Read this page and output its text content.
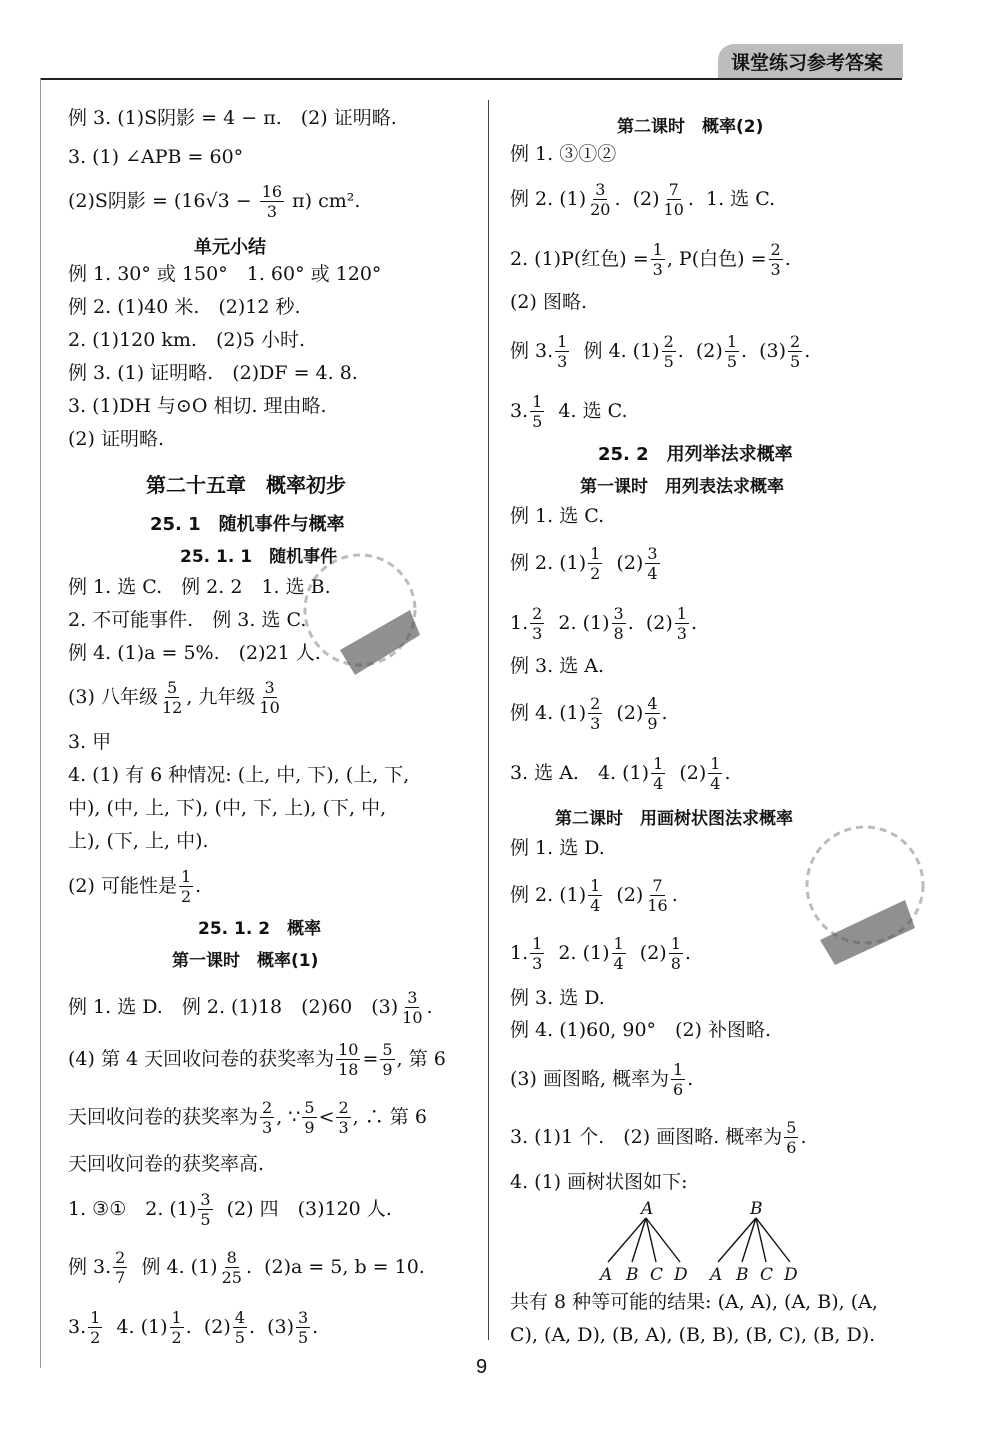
课堂练习参考答案
例 3. (1)S阴影 = 4 − π.　(2) 证明略.
3. (1) ∠APB = 60°
(2)S阴影 = $(16√3 - \frac{16}{3} \pi)$ cm².
单元小结
例 1. 30° 或 150°　1. 60° 或 120°
例 2. (1)40 米.　(2)12 秒.
2. (1)120 km.　(2)5 小时.
例 3. (1) 证明略.　(2)DF = 4. 8.
3. (1)DH 与⊙O 相切. 理由略.
(2) 证明略.
第二十五章　概率初步
25. 1　随机事件与概率
25. 1. 1　随机事件
例 1. 选 C.　例 2. 2　1. 选 B.
2. 不可能事件.　例 3. 选 C.
例 4. (1)a = 5%.　(2)21 人.
(3) 八年级 $\frac{5}{12}$ , 九年级 $\frac{3}{10}$
3. 甲
4. (1) 有 6 种情况: (上, 中, 下), (上, 下,
中), (中, 上, 下), (中, 下, 上), (下, 中,
上), (下, 上, 中).
(2) 可能性是 $\frac{1}{2}$ .
25. 1. 2　概率
第一课时　概率(1)
例 1. 选 D.　例 2. (1)18　(2)60　$(3) \frac{3}{10}$ .
(4) 第 4 天回收问卷的获奖率为 $\frac{10}{18} = \frac{5}{9}$ , 第 6
天回收问卷的获奖率为 $\frac{2}{3}$ , ∵ $\frac{5}{9} < \frac{2}{3}$ , ∴ 第 6
天回收问卷的获奖率高.
1. ③①　2. $(1) \frac{3}{5} (2)$ 四　(3)120 人.
例 3. $\frac{2}{7}$ 例 4. $(1) \frac{8}{25}$ .  (2)a = 5, b = 10.
3. $\frac{1}{2} 4$. $(1) \frac{1}{2}$ .  $(2) \frac{4}{5}$ .  $(3) \frac{3}{5}$ .
第二课时　概率(2)
例 1. ③①②
例 2. $(1) \frac{3}{20}$ .  $(2) \frac{7}{10}$ .  1. 选 C.
2. (1)P(红色) = $\frac{1}{3}$ , P(白色) = $\frac{2}{3}$ .
(2) 图略.
例 3. $\frac{1}{3}$ 例 4. $(1) \frac{2}{5}$ .  $(2) \frac{1}{5}$ .  $(3) \frac{2}{5}$ .
3. $\frac{1}{5} 4$. 选 C.
25. 2　用列举法求概率
第一课时　用列表法求概率
例 1. 选 C.
例 2. $(1) \frac{1}{2} (2) \frac{3}{4}$
1. $\frac{2}{3} 2$. $(1) \frac{3}{8}$ .  $(2) \frac{1}{3}$ .
例 3. 选 A.
例 4. $(1) \frac{2}{3} (2) \frac{4}{9}$ .
3. 选 A.　4. $(1) \frac{1}{4} (2) \frac{1}{4}$ .
第二课时　用画树状图法求概率
例 1. 选 D.
例 2. $(1) \frac{1}{4} (2) \frac{7}{16}$ .
1. $\frac{1}{3} 2$. $(1) \frac{1}{4} (2) \frac{1}{8}$ .
例 3. 选 D.
例 4. (1)60, 90°　(2) 补图略.
(3) 画图略, 概率为 $\frac{1}{6}$ .
3. (1)1 个.　(2) 画图略. 概率为 $\frac{5}{6}$ .
4. (1) 画树状图如下:
A
A B C D
B
A B C D
共有 8 种等可能的结果: (A, A), (A, B), (A,
C), (A, D), (B, A), (B, B), (B, C), (B, D).
9
